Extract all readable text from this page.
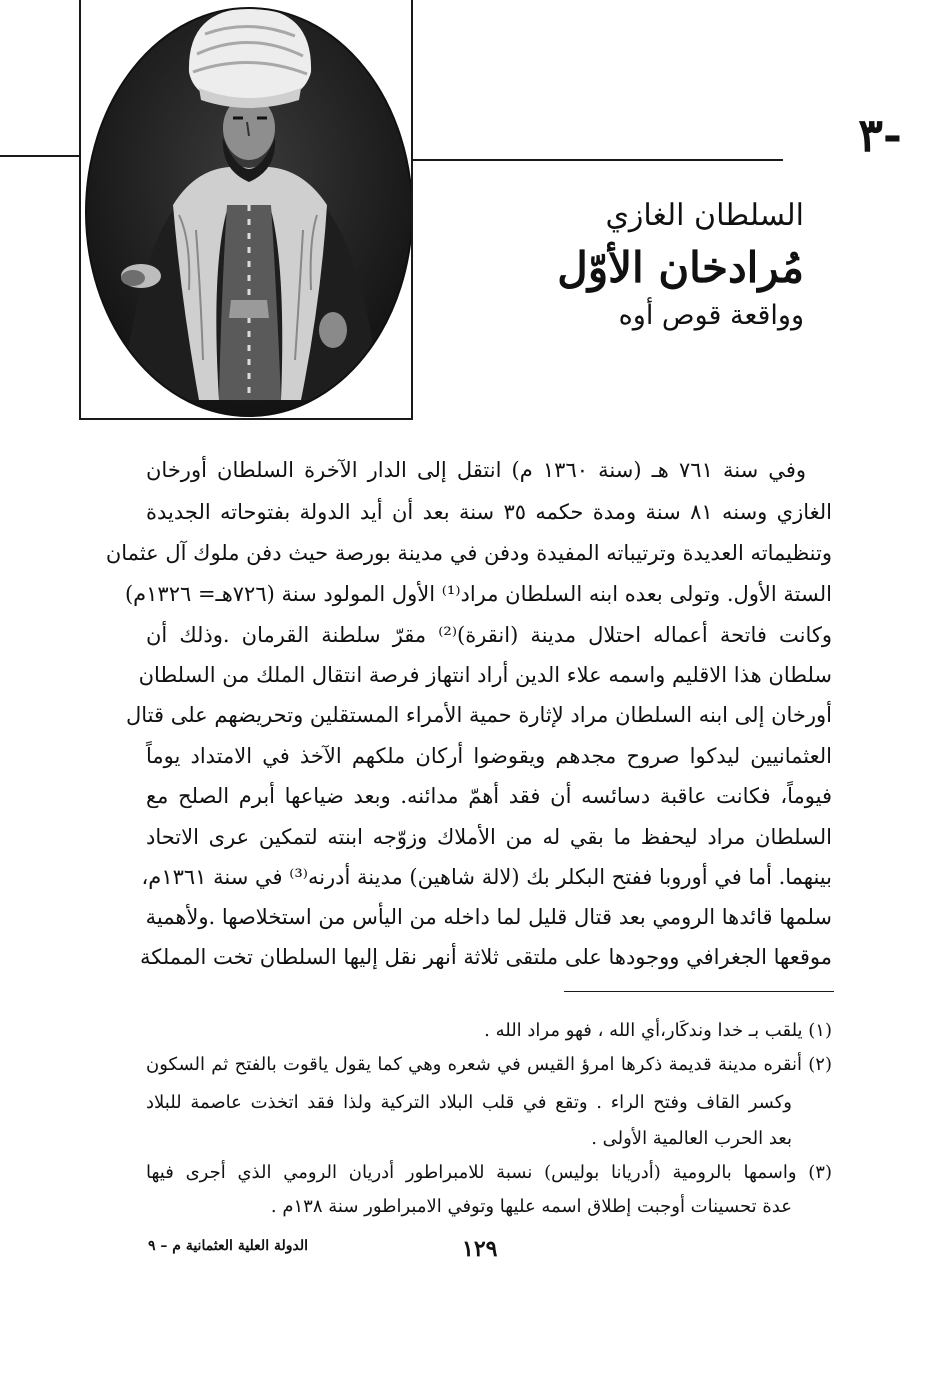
-٣
السلطان الغازي
مُرادخان الأوّل
وواقعة قوص أوه
وفي سنة ٧٦١ هـ (سنة ١٣٦٠ م) انتقل إلى الدار الآخرة السلطان أورخان
الغازي وسنه ٨١ سنة ومدة حكمه ٣٥ سنة بعد أن أيد الدولة بفتوحاته الجديدة
وتنظيماته العديدة وترتيباته المفيدة ودفن في مدينة بورصة حيث دفن ملوك آل عثمان
الستة الأول. وتولى بعده ابنه السلطان مراد⁽¹⁾ الأول المولود سنة (٧٢٦هـ= ١٣٢٦م)
وكانت فاتحة أعماله احتلال مدينة (انقرة)⁽²⁾ مقرّ سلطنة القرمان .وذلك أن
سلطان هذا الاقليم واسمه علاء الدين أراد انتهاز فرصة انتقال الملك من السلطان
أورخان إلى ابنه السلطان مراد لإثارة حمية الأمراء المستقلين وتحريضهم على قتال
العثمانيين ليدكوا صروح مجدهم ويقوضوا أركان ملكهم الآخذ في الامتداد يوماً
فيوماً، فكانت عاقبة دسائسه أن فقد أهمّ مدائنه. وبعد ضياعها أبرم الصلح مع
السلطان مراد ليحفظ ما بقي له من الأملاك وزوّجه ابنته لتمكين عرى الاتحاد
بينهما. أما في أوروبا ففتح البكلر بك (لالة شاهين) مدينة أدرنه⁽³⁾ في سنة ١٣٦١م،
سلمها قائدها الرومي بعد قتال قليل لما داخله من اليأس من استخلاصها .ولأهمية
موقعها الجغرافي ووجودها على ملتقى ثلاثة أنهر نقل إليها السلطان تخت المملكة
(١) يلقب بـ خدا وندكَار،أي الله ، فهو مراد الله .
(٢) أنقره مدينة قديمة ذكرها امرؤ القيس في شعره وهي كما يقول ياقوت بالفتح ثم السكون
وكسر القاف وفتح الراء . وتقع في قلب البلاد التركية ولذا فقد اتخذت عاصمة للبلاد
بعد الحرب العالمية الأولى .
(٣) واسمها بالرومية (أدريانا بوليس) نسبة للامبراطور أدريان الرومي الذي أجرى فيها
عدة تحسينات أوجبت إطلاق اسمه عليها وتوفي الامبراطور سنة ١٣٨م .
الدولة العلية العثمانية م – ٩	١٢٩
